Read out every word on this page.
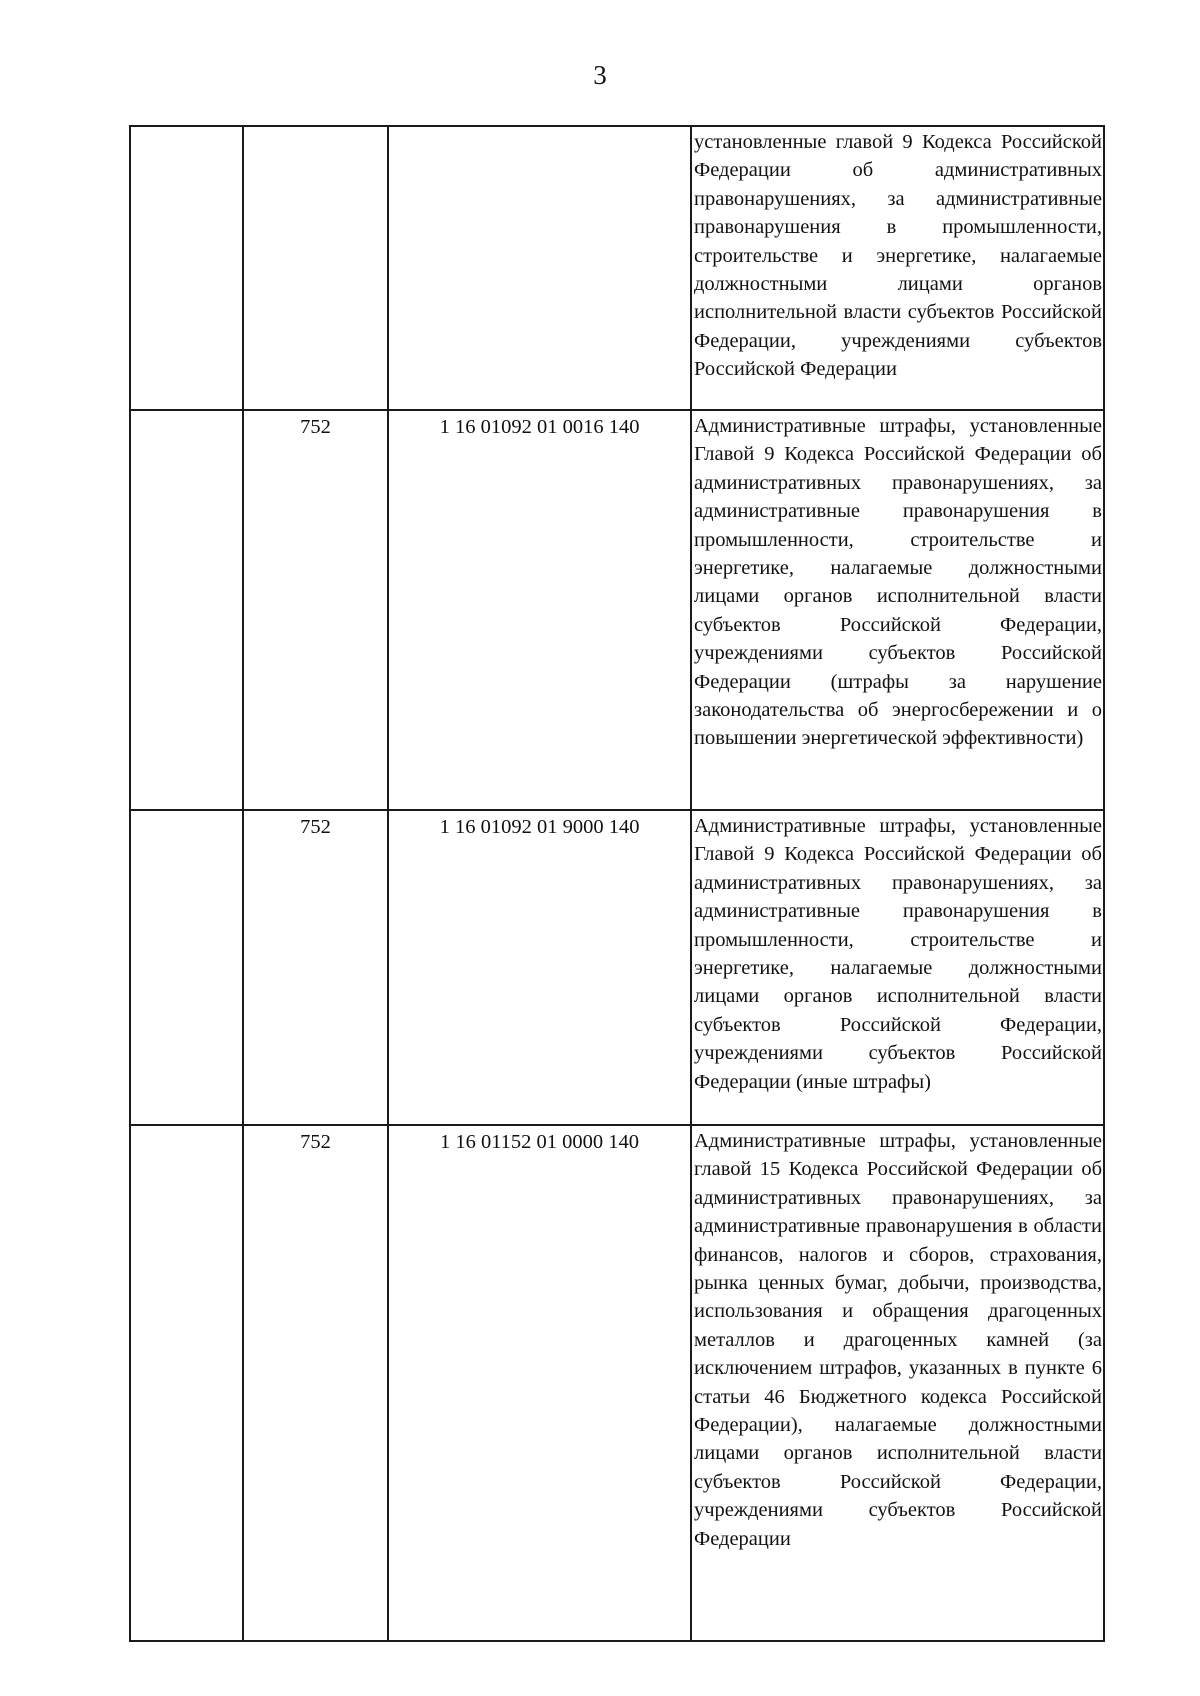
3
			установленные главой 9 Кодекса Российской Федерации об административных правонарушениях, за административные правонарушения в промышленности, строительстве и энергетике, налагаемые должностными лицами органов исполнительной власти субъектов Российской Федерации, учреждениями субъектов Российской Федерации
	752	1 16 01092 01 0016 140	Административные штрафы, установленные Главой 9 Кодекса Российской Федерации об административных правонарушениях, за административные правонарушения в промышленности, строительстве и энергетике, налагаемые должностными лицами органов исполнительной власти субъектов Российской Федерации, учреждениями субъектов Российской Федерации (штрафы за нарушение законодательства об энергосбережении и о повышении энергетической эффективности)
	752	1 16 01092 01 9000 140	Административные штрафы, установленные Главой 9 Кодекса Российской Федерации об административных правонарушениях, за административные правонарушения в промышленности, строительстве и энергетике, налагаемые должностными лицами органов исполнительной власти субъектов Российской Федерации, учреждениями субъектов Российской Федерации (иные штрафы)
	752	1 16 01152 01 0000 140	Административные штрафы, установленные главой 15 Кодекса Российской Федерации об административных правонарушениях, за административные правонарушения в области финансов, налогов и сборов, страхования, рынка ценных бумаг, добычи, производства, использования и обращения драгоценных металлов и драгоценных камней (за исключением штрафов, указанных в пункте 6 статьи 46 Бюджетного кодекса Российской Федерации), налагаемые должностными лицами органов исполнительной власти субъектов Российской Федерации, учреждениями субъектов Российской Федерации
